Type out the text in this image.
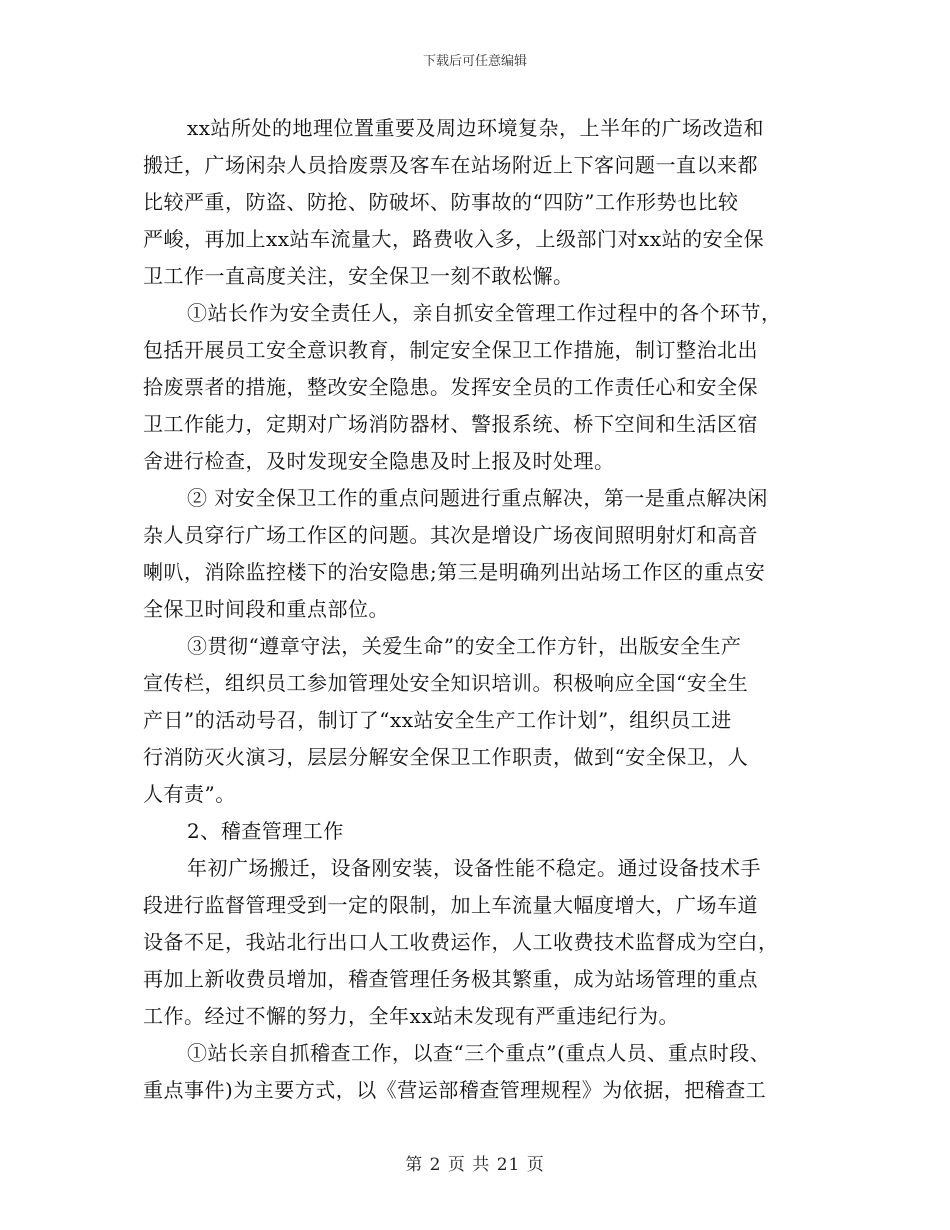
下载后可任意编辑

xx站所处的地理位置重要及周边环境复杂，上半年的广场改造和
搬迁，广场闲杂人员拾废票及客车在站场附近上下客问题一直以来都
比较严重，防盗、防抢、防破坏、防事故的“四防”工作形势也比较
严峻，再加上xx站车流量大，路费收入多，上级部门对xx站的安全保
卫工作一直高度关注，安全保卫一刻不敢松懈。

①站长作为安全责任人，亲自抓安全管理工作过程中的各个环节，
包括开展员工安全意识教育，制定安全保卫工作措施，制订整治北出
拾废票者的措施，整改安全隐患。发挥安全员的工作责任心和安全保
卫工作能力，定期对广场消防器材、警报系统、桥下空间和生活区宿
舍进行检查，及时发现安全隐患及时上报及时处理。

② 对安全保卫工作的重点问题进行重点解决，第一是重点解决闲
杂人员穿行广场工作区的问题。其次是增设广场夜间照明射灯和高音
喇叭，消除监控楼下的治安隐患;第三是明确列出站场工作区的重点安
全保卫时间段和重点部位。

③贯彻“遵章守法，关爱生命”的安全工作方针，出版安全生产
宣传栏，组织员工参加管理处安全知识培训。积极响应全国“安全生
产日”的活动号召，制订了“xx站安全生产工作计划”，组织员工进
行消防灭火演习，层层分解安全保卫工作职责，做到“安全保卫，人
人有责”。

2、稽查管理工作

年初广场搬迁，设备刚安装，设备性能不稳定。通过设备技术手
段进行监督管理受到一定的限制，加上车流量大幅度增大，广场车道
设备不足，我站北行出口人工收费运作，人工收费技术监督成为空白，
再加上新收费员增加，稽查管理任务极其繁重，成为站场管理的重点
工作。经过不懈的努力，全年xx站未发现有严重违纪行为。

①站长亲自抓稽查工作，以查“三个重点”(重点人员、重点时段、
重点事件)为主要方式，以《营运部稽查管理规程》为依据，把稽查工

第 2 页 共 21 页
